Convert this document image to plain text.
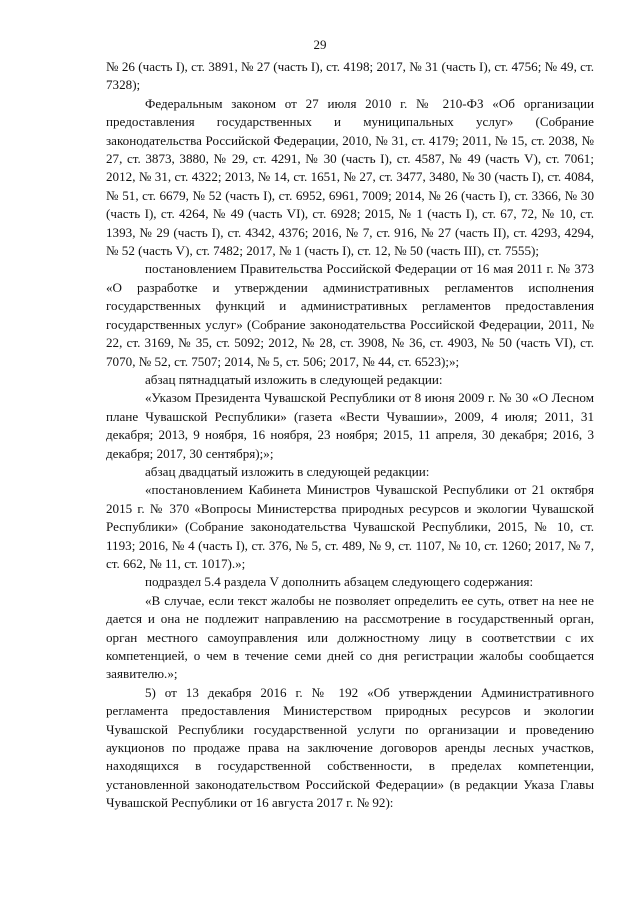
29

№ 26 (часть I), ст. 3891, № 27 (часть I), ст. 4198; 2017, № 31 (часть I), ст. 4756; № 49, ст. 7328);

Федеральным законом от 27 июля 2010 г. № 210-ФЗ «Об организации предоставления государственных и муниципальных услуг» (Собрание законодательства Российской Федерации, 2010, № 31, ст. 4179; 2011, № 15, ст. 2038, № 27, ст. 3873, 3880, № 29, ст. 4291, № 30 (часть I), ст. 4587, № 49 (часть V), ст. 7061; 2012, № 31, ст. 4322; 2013, № 14, ст. 1651, № 27, ст. 3477, 3480, № 30 (часть I), ст. 4084, № 51, ст. 6679, № 52 (часть I), ст. 6952, 6961, 7009; 2014, № 26 (часть I), ст. 3366, № 30 (часть I), ст. 4264, № 49 (часть VI), ст. 6928; 2015, № 1 (часть I), ст. 67, 72, № 10, ст. 1393, № 29 (часть I), ст. 4342, 4376; 2016, № 7, ст. 916, № 27 (часть II), ст. 4293, 4294, № 52 (часть V), ст. 7482; 2017, № 1 (часть I), ст. 12, № 50 (часть III), ст. 7555);

постановлением Правительства Российской Федерации от 16 мая 2011 г. № 373 «О разработке и утверждении административных регламентов исполнения государственных функций и административных регламентов предоставления государственных услуг» (Собрание законодательства Российской Федерации, 2011, № 22, ст. 3169, № 35, ст. 5092; 2012, № 28, ст. 3908, № 36, ст. 4903, № 50 (часть VI), ст. 7070, № 52, ст. 7507; 2014, № 5, ст. 506; 2017, № 44, ст. 6523);»;

абзац пятнадцатый изложить в следующей редакции:

«Указом Президента Чувашской Республики от 8 июня 2009 г. № 30 «О Лесном плане Чувашской Республики» (газета «Вести Чувашии», 2009, 4 июля; 2011, 31 декабря; 2013, 9 ноября, 16 ноября, 23 ноября; 2015, 11 апреля, 30 декабря; 2016, 3 декабря; 2017, 30 сентября);»;

абзац двадцатый изложить в следующей редакции:

«постановлением Кабинета Министров Чувашской Республики от 21 октября 2015 г. № 370 «Вопросы Министерства природных ресурсов и экологии Чувашской Республики» (Собрание законодательства Чувашской Республики, 2015, № 10, ст. 1193; 2016, № 4 (часть I), ст. 376, № 5, ст. 489, № 9, ст. 1107, № 10, ст. 1260; 2017, № 7, ст. 662, № 11, ст. 1017).»;

подраздел 5.4 раздела V дополнить абзацем следующего содержания:

«В случае, если текст жалобы не позволяет определить ее суть, ответ на нее не дается и она не подлежит направлению на рассмотрение в государственный орган, орган местного самоуправления или должностному лицу в соответствии с их компетенцией, о чем в течение семи дней со дня регистрации жалобы сообщается заявителю.»;

5) от 13 декабря 2016 г. № 192 «Об утверждении Административного регламента предоставления Министерством природных ресурсов и экологии Чувашской Республики государственной услуги по организации и проведению аукционов по продаже права на заключение договоров аренды лесных участков, находящихся в государственной собственности, в пределах компетенции, установленной законодательством Российской Федерации» (в редакции Указа Главы Чувашской Республики от 16 августа 2017 г. № 92):
